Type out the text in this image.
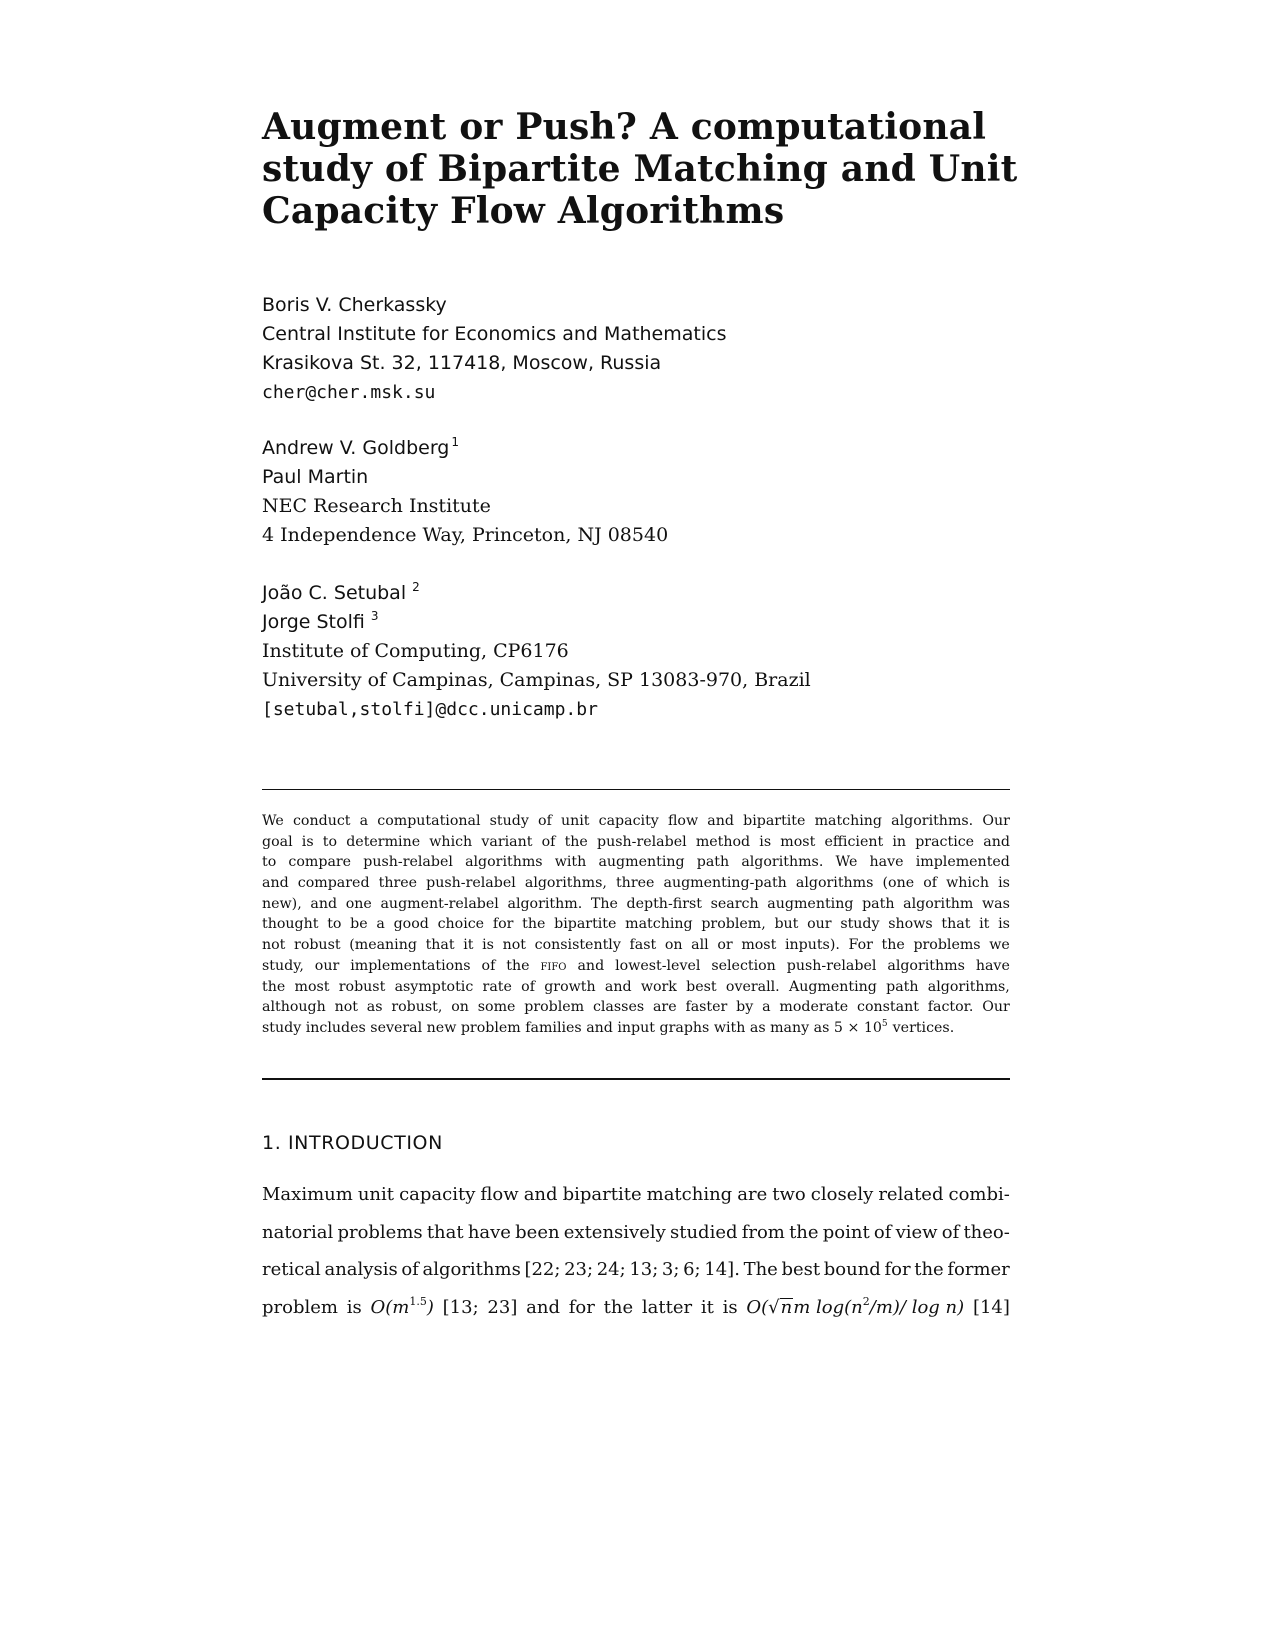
Augment or Push? A computational
study of Bipartite Matching and Unit
Capacity Flow Algorithms
Boris V. Cherkassky
Central Institute for Economics and Mathematics
Krasikova St. 32, 117418, Moscow, Russia
cher@cher.msk.su
Andrew V. Goldberg $^1$
Paul Martin
NEC Research Institute
4 Independence Way, Princeton, NJ 08540
João C. Setubal $^2$
Jorge Stolfi $^3$
Institute of Computing, CP6176
University of Campinas, Campinas, SP 13083-970, Brazil
[setubal,stolfi]@dcc.unicamp.br
We conduct a computational study of unit capacity flow and bipartite matching algorithms. Our
goal is to determine which variant of the push-relabel method is most efficient in practice and
to compare push-relabel algorithms with augmenting path algorithms. We have implemented
and compared three push-relabel algorithms, three augmenting-path algorithms (one of which is
new), and one augment-relabel algorithm. The depth-first search augmenting path algorithm was
thought to be a good choice for the bipartite matching problem, but our study shows that it is
not robust (meaning that it is not consistently fast on all or most inputs). For the problems we
study, our implementations of the fifo and lowest-level selection push-relabel algorithms have
the most robust asymptotic rate of growth and work best overall. Augmenting path algorithms,
although not as robust, on some problem classes are faster by a moderate constant factor. Our
study includes several new problem families and input graphs with as many as $5 \times 10^5$ vertices.
1. INTRODUCTION
Maximum unit capacity flow and bipartite matching are two closely related combi-
natorial problems that have been extensively studied from the point of view of theo-
retical analysis of algorithms [22; 23; 24; 13; 3; 6; 14]. The best bound for the former
problem is $O(m^{1.5})$ [13; 23] and for the latter it is O(√nm $\log(n^2/m)/$ log n) [14]
